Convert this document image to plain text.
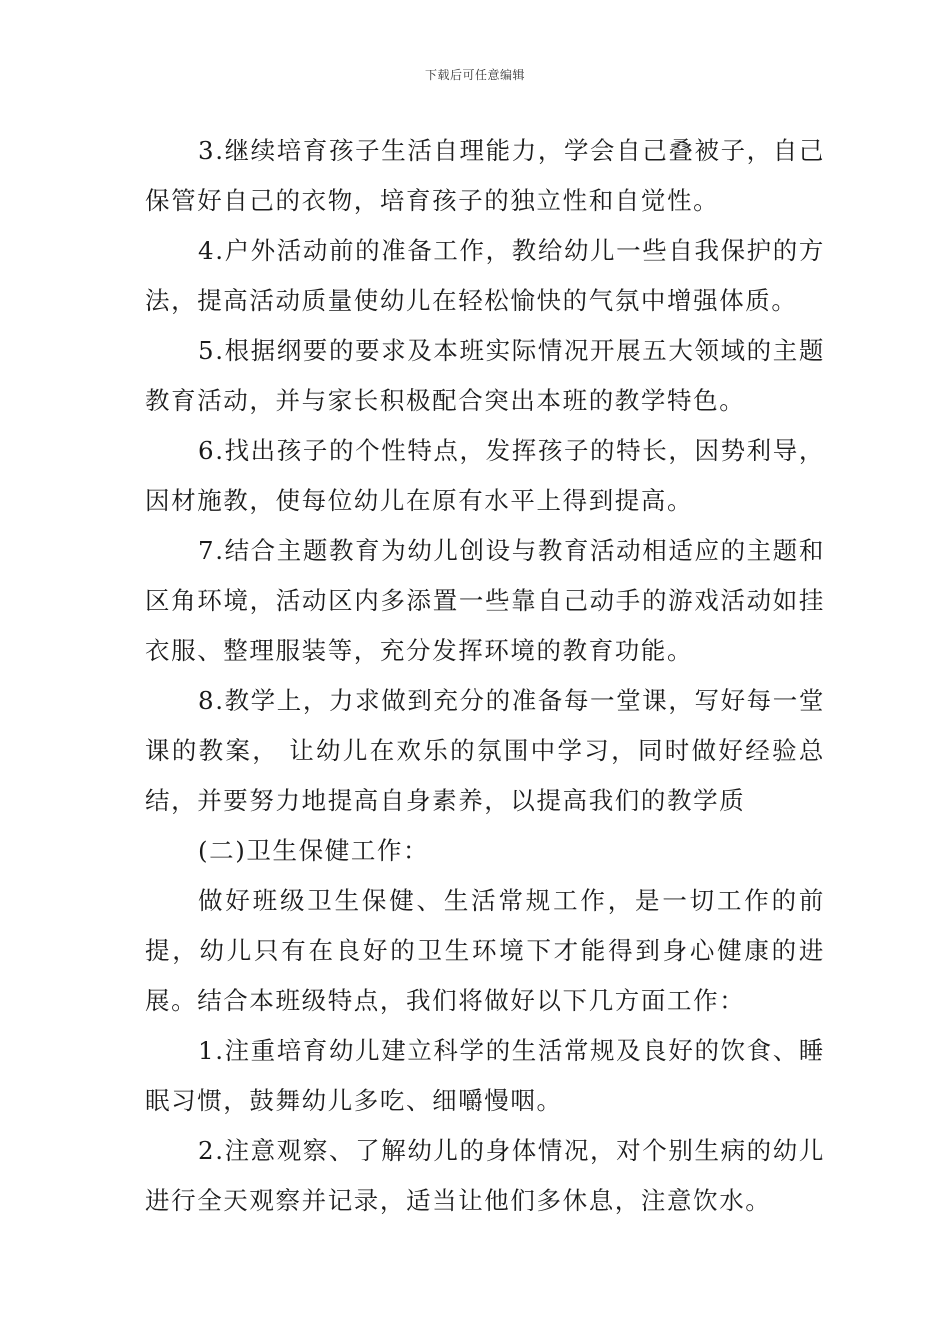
下载后可任意编辑

3.继续培育孩子生活自理能力，学会自己叠被子，自己保管好自己的衣物，培育孩子的独立性和自觉性。

4.户外活动前的准备工作，教给幼儿一些自我保护的方法，提高活动质量使幼儿在轻松愉快的气氛中增强体质。

5.根据纲要的要求及本班实际情况开展五大领域的主题教育活动，并与家长积极配合突出本班的教学特色。

6.找出孩子的个性特点，发挥孩子的特长，因势利导，因材施教，使每位幼儿在原有水平上得到提高。

7.结合主题教育为幼儿创设与教育活动相适应的主题和区角环境，活动区内多添置一些靠自己动手的游戏活动如挂衣服、整理服装等，充分发挥环境的教育功能。

8.教学上，力求做到充分的准备每一堂课，写好每一堂课的教案， 让幼儿在欢乐的氛围中学习，同时做好经验总结，并要努力地提高自身素养，以提高我们的教学质

(二)卫生保健工作：

做好班级卫生保健、生活常规工作，是一切工作的前提，幼儿只有在良好的卫生环境下才能得到身心健康的进展。结合本班级特点，我们将做好以下几方面工作：

1.注重培育幼儿建立科学的生活常规及良好的饮食、睡眠习惯，鼓舞幼儿多吃、细嚼慢咽。

2.注意观察、了解幼儿的身体情况，对个别生病的幼儿进行全天观察并记录，适当让他们多休息，注意饮水。
